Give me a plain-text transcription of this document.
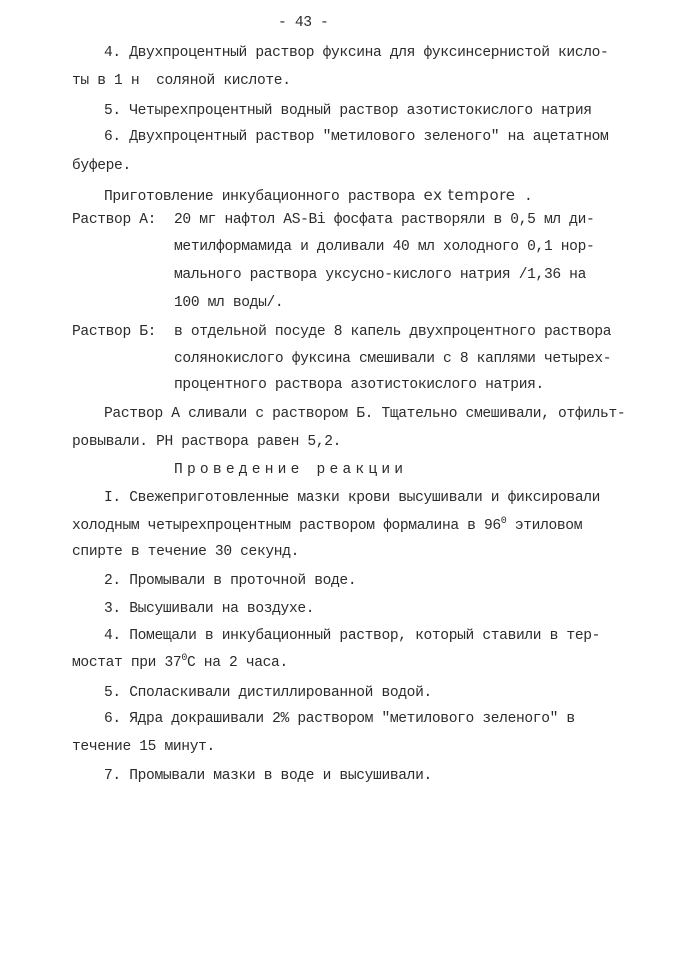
- 43 -
4. Двухпроцентный раствор фуксина для фуксинсернистой кисло-
ты в 1 н  соляной кислоте.
5. Четырехпроцентный водный раствор азотистокислого натрия
6. Двухпроцентный раствор "метилового зеленого" на ацетатном
буфере.
Приготовление инкубационного раствора ex tempore .
Раствор А: 20 мг нафтол AS-Bi фосфата растворяли в 0,5 мл ди-
метилформамида и доливали 40 мл холодного 0,1 нор-
мального раствора уксусно-кислого натрия /1,36 на
100 мл воды/.
Раствор Б: в отдельной посуде 8 капель двухпроцентного раствора
солянокислого фуксина смешивали с 8 каплями четырех-
процентного раствора азотистокислого натрия.
Раствор А сливали с раствором Б. Тщательно смешивали, отфильт-
ровывали. PH раствора равен 5,2.
Проведение реакции
I. Свежеприготовленные мазки крови высушивали и фиксировали
холодным четырехпроцентным раствором формалина в $96^0$ этиловом
спирте в течение 30 секунд.
2. Промывали в проточной воде.
3. Высушивали на воздухе.
4. Помещали в инкубационный раствор, который ставили в тер-
мостат при $37^0С$ на 2 часа.
5. Споласкивали дистиллированной водой.
6. Ядра докрашивали 2% раствором "метилового зеленого" в
течение 15 минут.
7. Промывали мазки в воде и высушивали.
